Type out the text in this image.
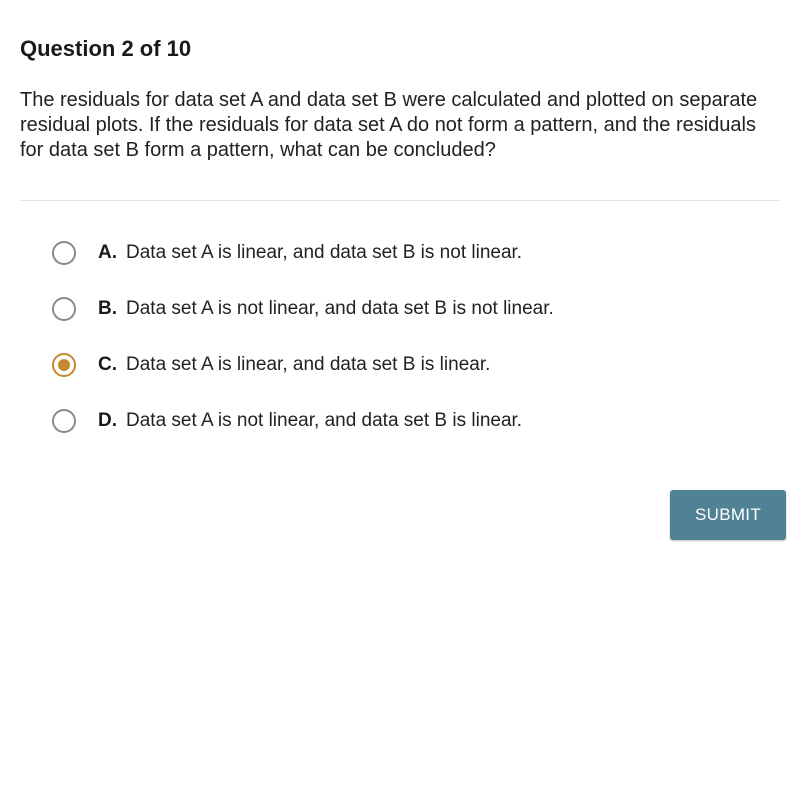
Question 2 of 10
The residuals for data set A and data set B were calculated and plotted on separate residual plots. If the residuals for data set A do not form a pattern, and the residuals for data set B form a pattern, what can be concluded?
A. Data set A is linear, and data set B is not linear.
B. Data set A is not linear, and data set B is not linear.
C. Data set A is linear, and data set B is linear.
D. Data set A is not linear, and data set B is linear.
SUBMIT
